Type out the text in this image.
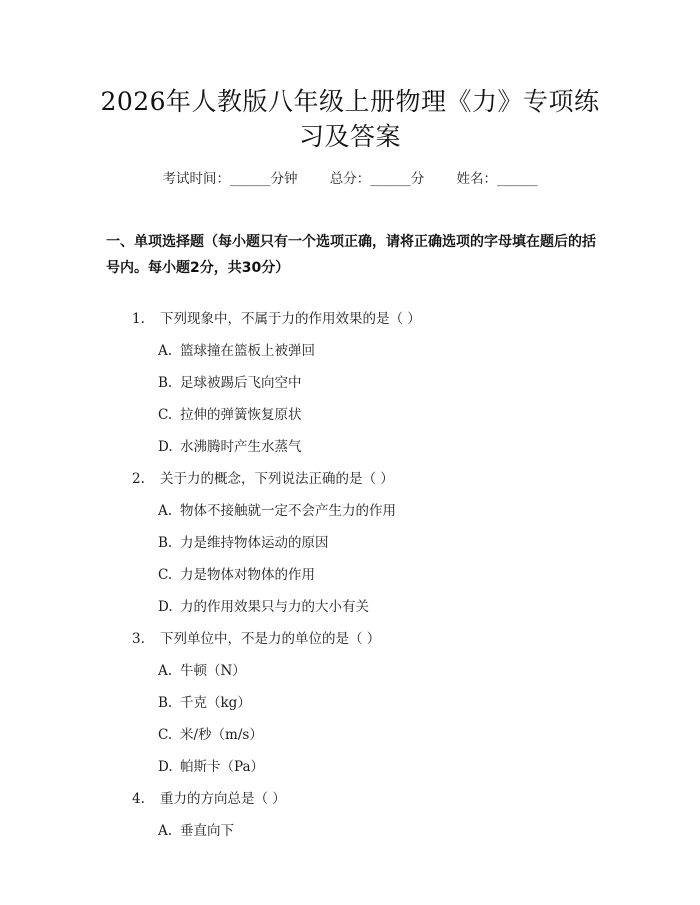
2026年人教版八年级上册物理《力》专项练
习及答案
考试时间：______分钟 总分：______分 姓名：______
一、单项选择题（每小题只有一个选项正确，请将正确选项的字母填在题后的括号内。每小题2分，共30分）
1. 下列现象中，不属于力的作用效果的是（ ）
A. 篮球撞在篮板上被弹回
B. 足球被踢后飞向空中
C. 拉伸的弹簧恢复原状
D. 水沸腾时产生水蒸气
2. 关于力的概念，下列说法正确的是（ ）
A. 物体不接触就一定不会产生力的作用
B. 力是维持物体运动的原因
C. 力是物体对物体的作用
D. 力的作用效果只与力的大小有关
3. 下列单位中，不是力的单位的是（ ）
A. 牛顿（N）
B. 千克（kg）
C. 米/秒（m/s）
D. 帕斯卡（Pa）
4. 重力的方向总是（ ）
A. 垂直向下
